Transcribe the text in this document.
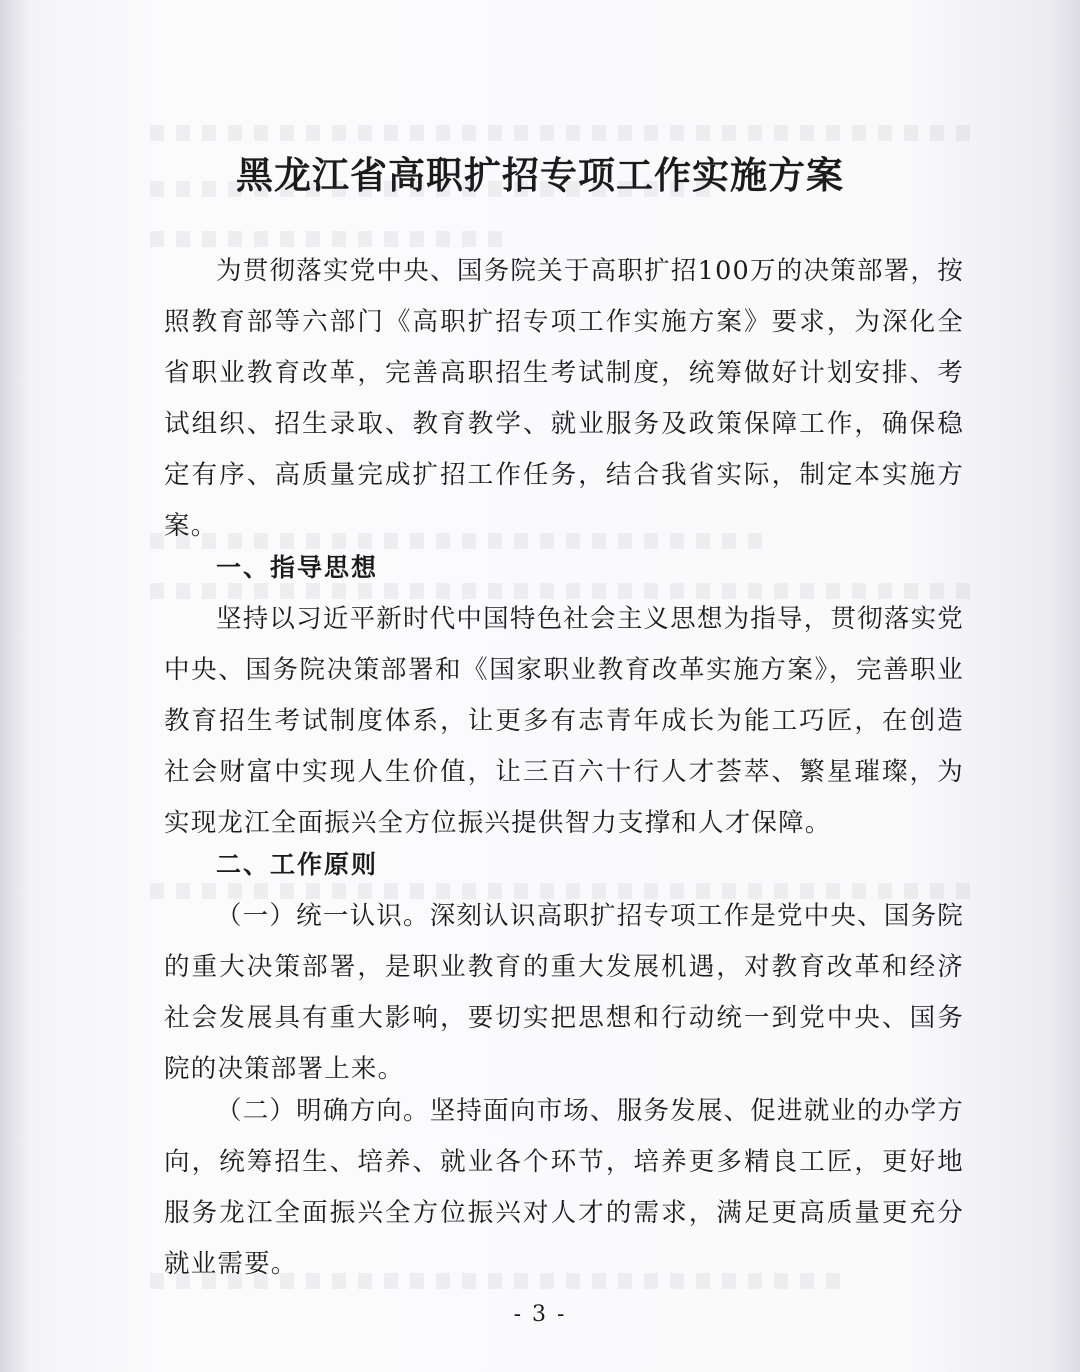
黑龙江省高职扩招专项工作实施方案

为贯彻落实党中央、国务院关于高职扩招100万的决策部署，按照教育部等六部门《高职扩招专项工作实施方案》要求，为深化全省职业教育改革，完善高职招生考试制度，统筹做好计划安排、考试组织、招生录取、教育教学、就业服务及政策保障工作，确保稳定有序、高质量完成扩招工作任务，结合我省实际，制定本实施方案。

一、指导思想

坚持以习近平新时代中国特色社会主义思想为指导，贯彻落实党中央、国务院决策部署和《国家职业教育改革实施方案》，完善职业教育招生考试制度体系，让更多有志青年成长为能工巧匠，在创造社会财富中实现人生价值，让三百六十行人才荟萃、繁星璀璨，为实现龙江全面振兴全方位振兴提供智力支撑和人才保障。

二、工作原则

（一）统一认识。深刻认识高职扩招专项工作是党中央、国务院的重大决策部署，是职业教育的重大发展机遇，对教育改革和经济社会发展具有重大影响，要切实把思想和行动统一到党中央、国务院的决策部署上来。

（二）明确方向。坚持面向市场、服务发展、促进就业的办学方向，统筹招生、培养、就业各个环节，培养更多精良工匠，更好地服务龙江全面振兴全方位振兴对人才的需求，满足更高质量更充分就业需要。

- 3 -
